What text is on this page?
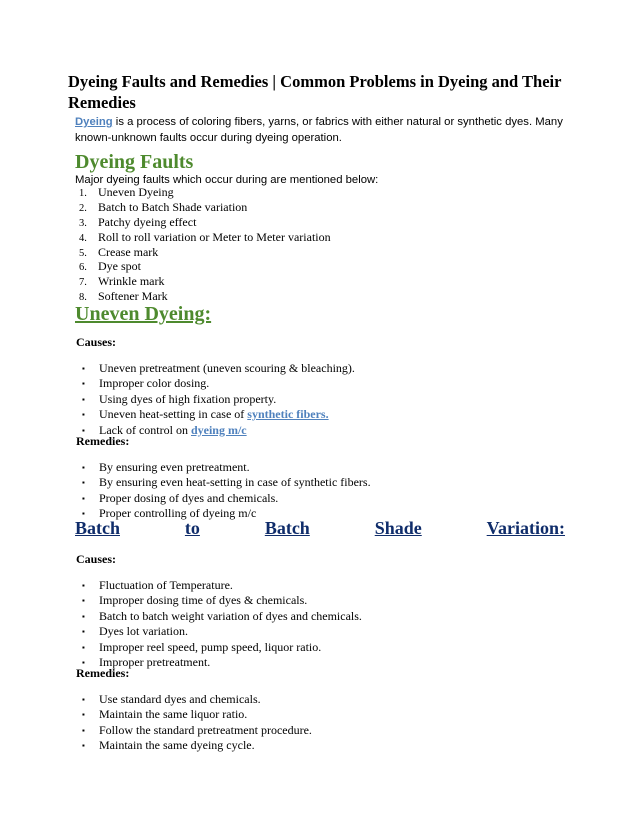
Dyeing Faults and Remedies | Common Problems in Dyeing and Their Remedies
Dyeing is a process of coloring fibers, yarns, or fabrics with either natural or synthetic dyes. Many known-unknown faults occur during dyeing operation.
Dyeing Faults
Major dyeing faults which occur during are mentioned below:
1. Uneven Dyeing
2. Batch to Batch Shade variation
3. Patchy dyeing effect
4. Roll to roll variation or Meter to Meter variation
5. Crease mark
6. Dye spot
7. Wrinkle mark
8. Softener Mark
Uneven Dyeing:
Causes:
▪ Uneven pretreatment (uneven scouring & bleaching).
▪ Improper color dosing.
▪ Using dyes of high fixation property.
▪ Uneven heat-setting in case of synthetic fibers.
▪ Lack of control on dyeing m/c
Remedies:
▪ By ensuring even pretreatment.
▪ By ensuring even heat-setting in case of synthetic fibers.
▪ Proper dosing of dyes and chemicals.
▪ Proper controlling of dyeing m/c
Batch	to	Batch	Shade	Variation:
Causes:
▪ Fluctuation of Temperature.
▪ Improper dosing time of dyes & chemicals.
▪ Batch to batch weight variation of dyes and chemicals.
▪ Dyes lot variation.
▪ Improper reel speed, pump speed, liquor ratio.
▪ Improper pretreatment.
Remedies:
▪ Use standard dyes and chemicals.
▪ Maintain the same liquor ratio.
▪ Follow the standard pretreatment procedure.
▪ Maintain the same dyeing cycle.
